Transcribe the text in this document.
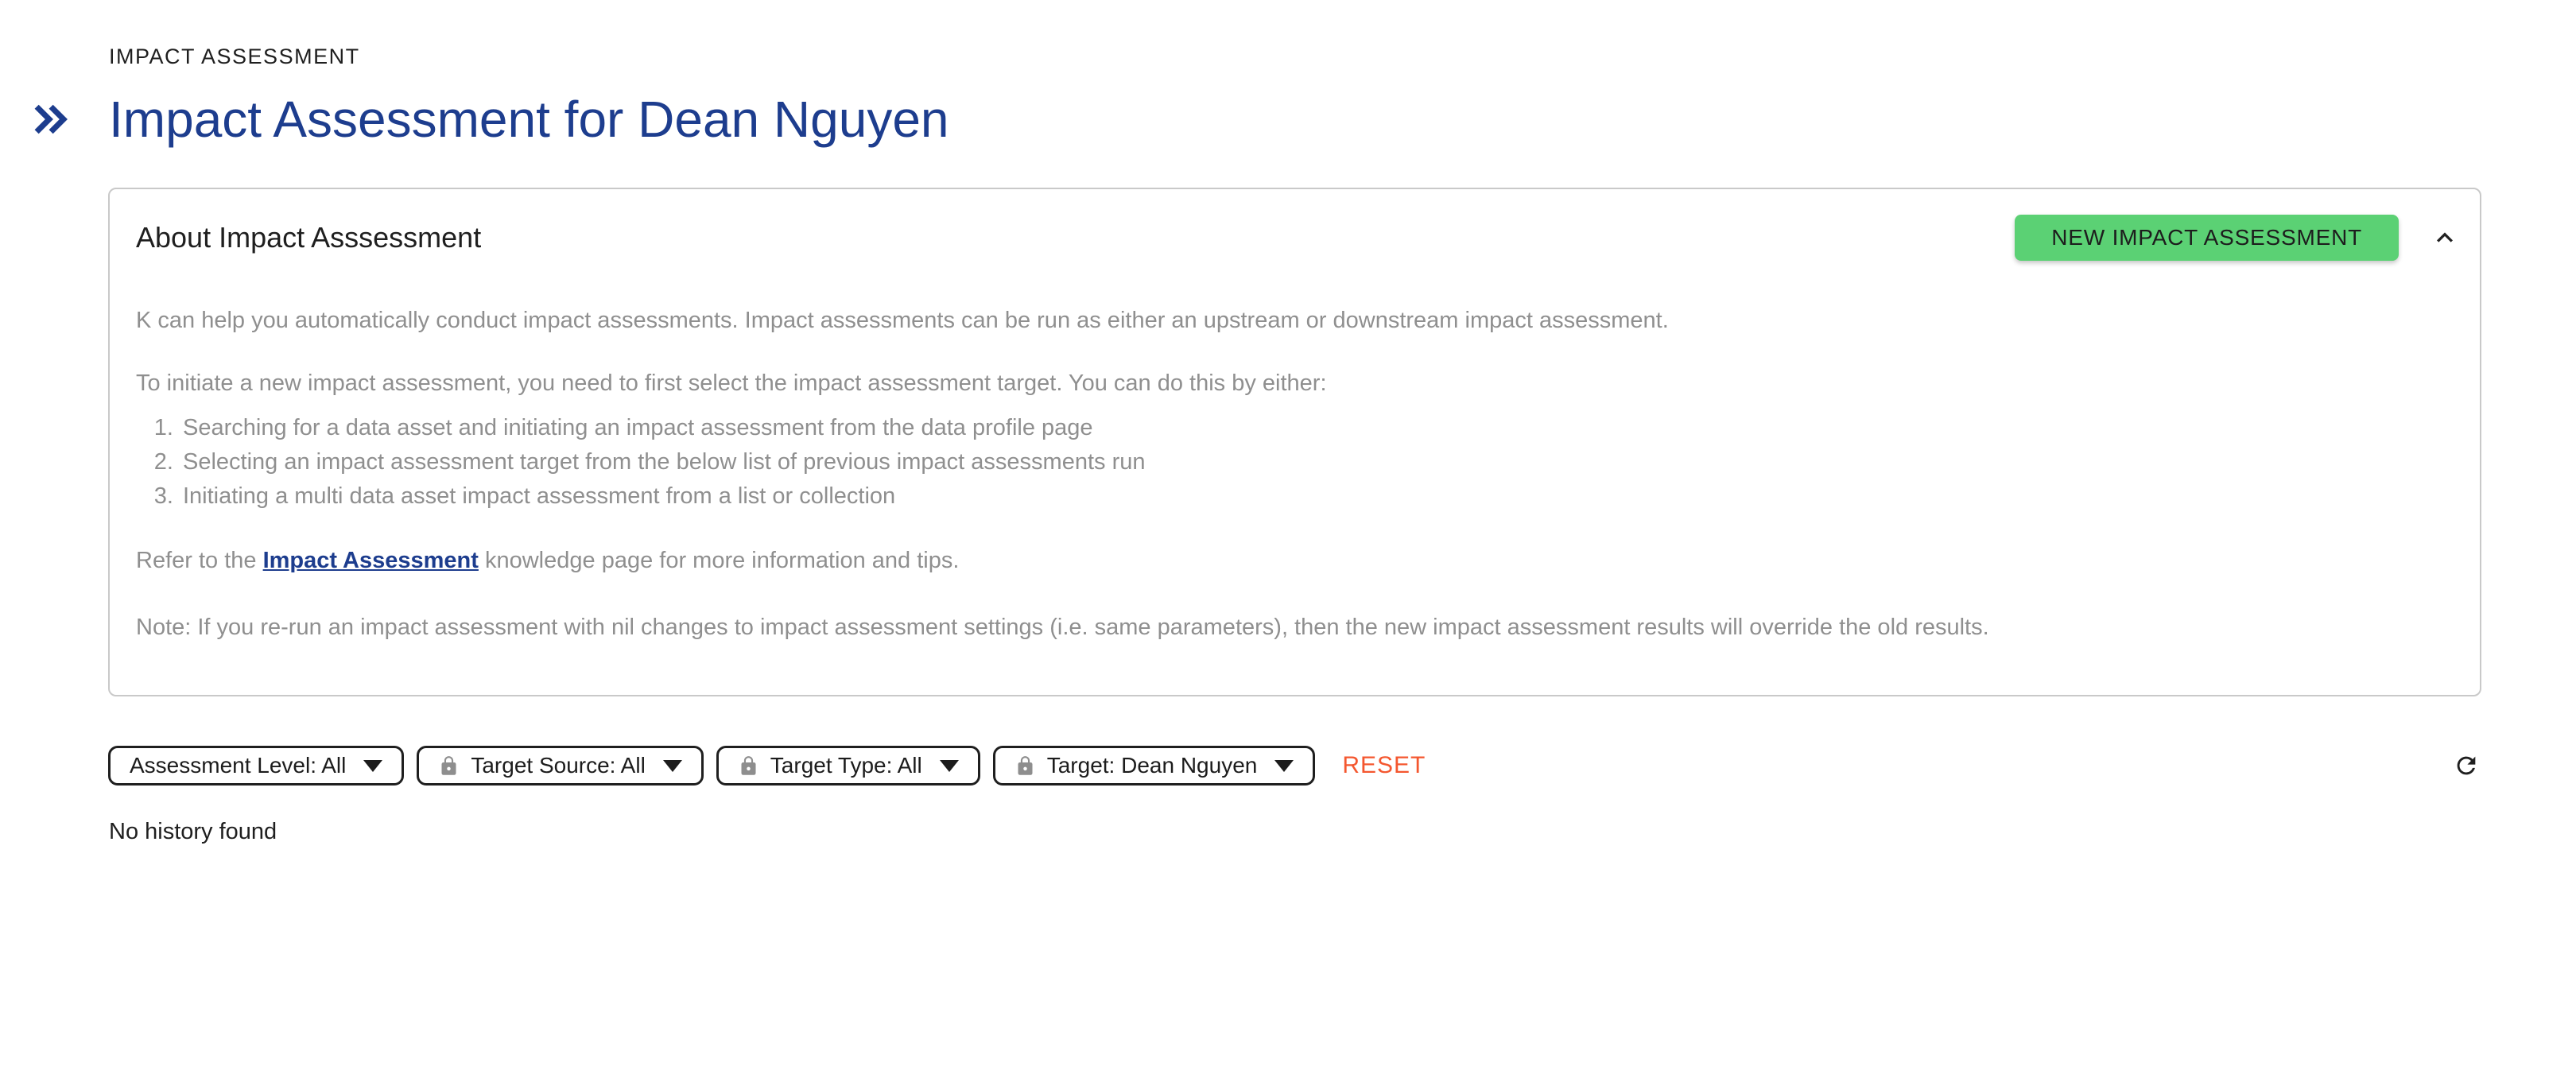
IMPACT ASSESSMENT
Impact Assessment for Dean Nguyen
About Impact Asssessment	NEW IMPACT ASSESSMENT

K can help you automatically conduct impact assessments. Impact assessments can be run as either an upstream or downstream impact assessment.

To initiate a new impact assessment, you need to first select the impact assessment target. You can do this by either:

1. Searching for a data asset and initiating an impact assessment from the data profile page
2. Selecting an impact assessment target from the below list of previous impact assessments run
3. Initiating a multi data asset impact assessment from a list or collection

Refer to the Impact Assessment knowledge page for more information and tips.

Note: If you re-run an impact assessment with nil changes to impact assessment settings (i.e. same parameters), then the new impact assessment results will override the old results.

Assessment Level: All	Target Source: All	Target Type: All	Target: Dean Nguyen	RESET
No history found
